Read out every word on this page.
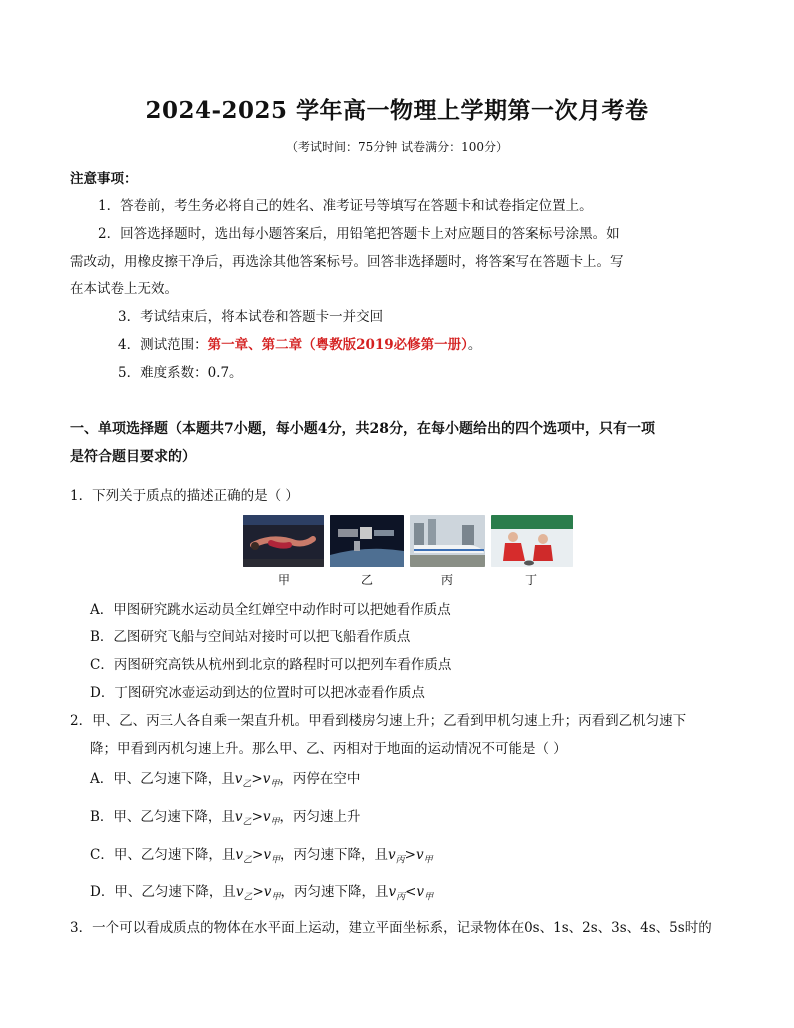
2024-2025 学年高一物理上学期第一次月考卷
（考试时间：75分钟 试卷满分：100分）
注意事项：
1．答卷前，考生务必将自己的姓名、准考证号等填写在答题卡和试卷指定位置上。
2．回答选择题时，选出每小题答案后，用铅笔把答题卡上对应题目的答案标号涂黑。如
需改动，用橡皮擦干净后，再选涂其他答案标号。回答非选择题时，将答案写在答题卡上。写
在本试卷上无效。
3．考试结束后，将本试卷和答题卡一并交回
4．测试范围：第一章、第二章（粤教版2019必修第一册）。
5．难度系数：0.7。
一、单项选择题（本题共7小题，每小题4分，共28分，在每小题给出的四个选项中，只有一项
是符合题目要求的）
1．下列关于质点的描述正确的是（ ）
甲	乙	丙	丁
A．甲图研究跳水运动员全红婵空中动作时可以把她看作质点
B．乙图研究飞船与空间站对接时可以把飞船看作质点
C．丙图研究高铁从杭州到北京的路程时可以把列车看作质点
D．丁图研究冰壶运动到达的位置时可以把冰壶看作质点
2．甲、乙、丙三人各自乘一架直升机。甲看到楼房匀速上升；乙看到甲机匀速上升；丙看到乙机匀速下
降；甲看到丙机匀速上升。那么甲、乙、丙相对于地面的运动情况不可能是（ ）
A．甲、乙匀速下降，且$v_乙>v_甲$，丙停在空中
B．甲、乙匀速下降，且$v_乙>v_甲$，丙匀速上升
C．甲、乙匀速下降，且$v_乙>v_甲$，丙匀速下降，且$v_丙>v_甲$
D．甲、乙匀速下降，且$v_乙>v_甲$，丙匀速下降，且$v_丙<v_甲$
3．一个可以看成质点的物体在水平面上运动，建立平面坐标系，记录物体在0s、1s、2s、3s、4s、5s时的
